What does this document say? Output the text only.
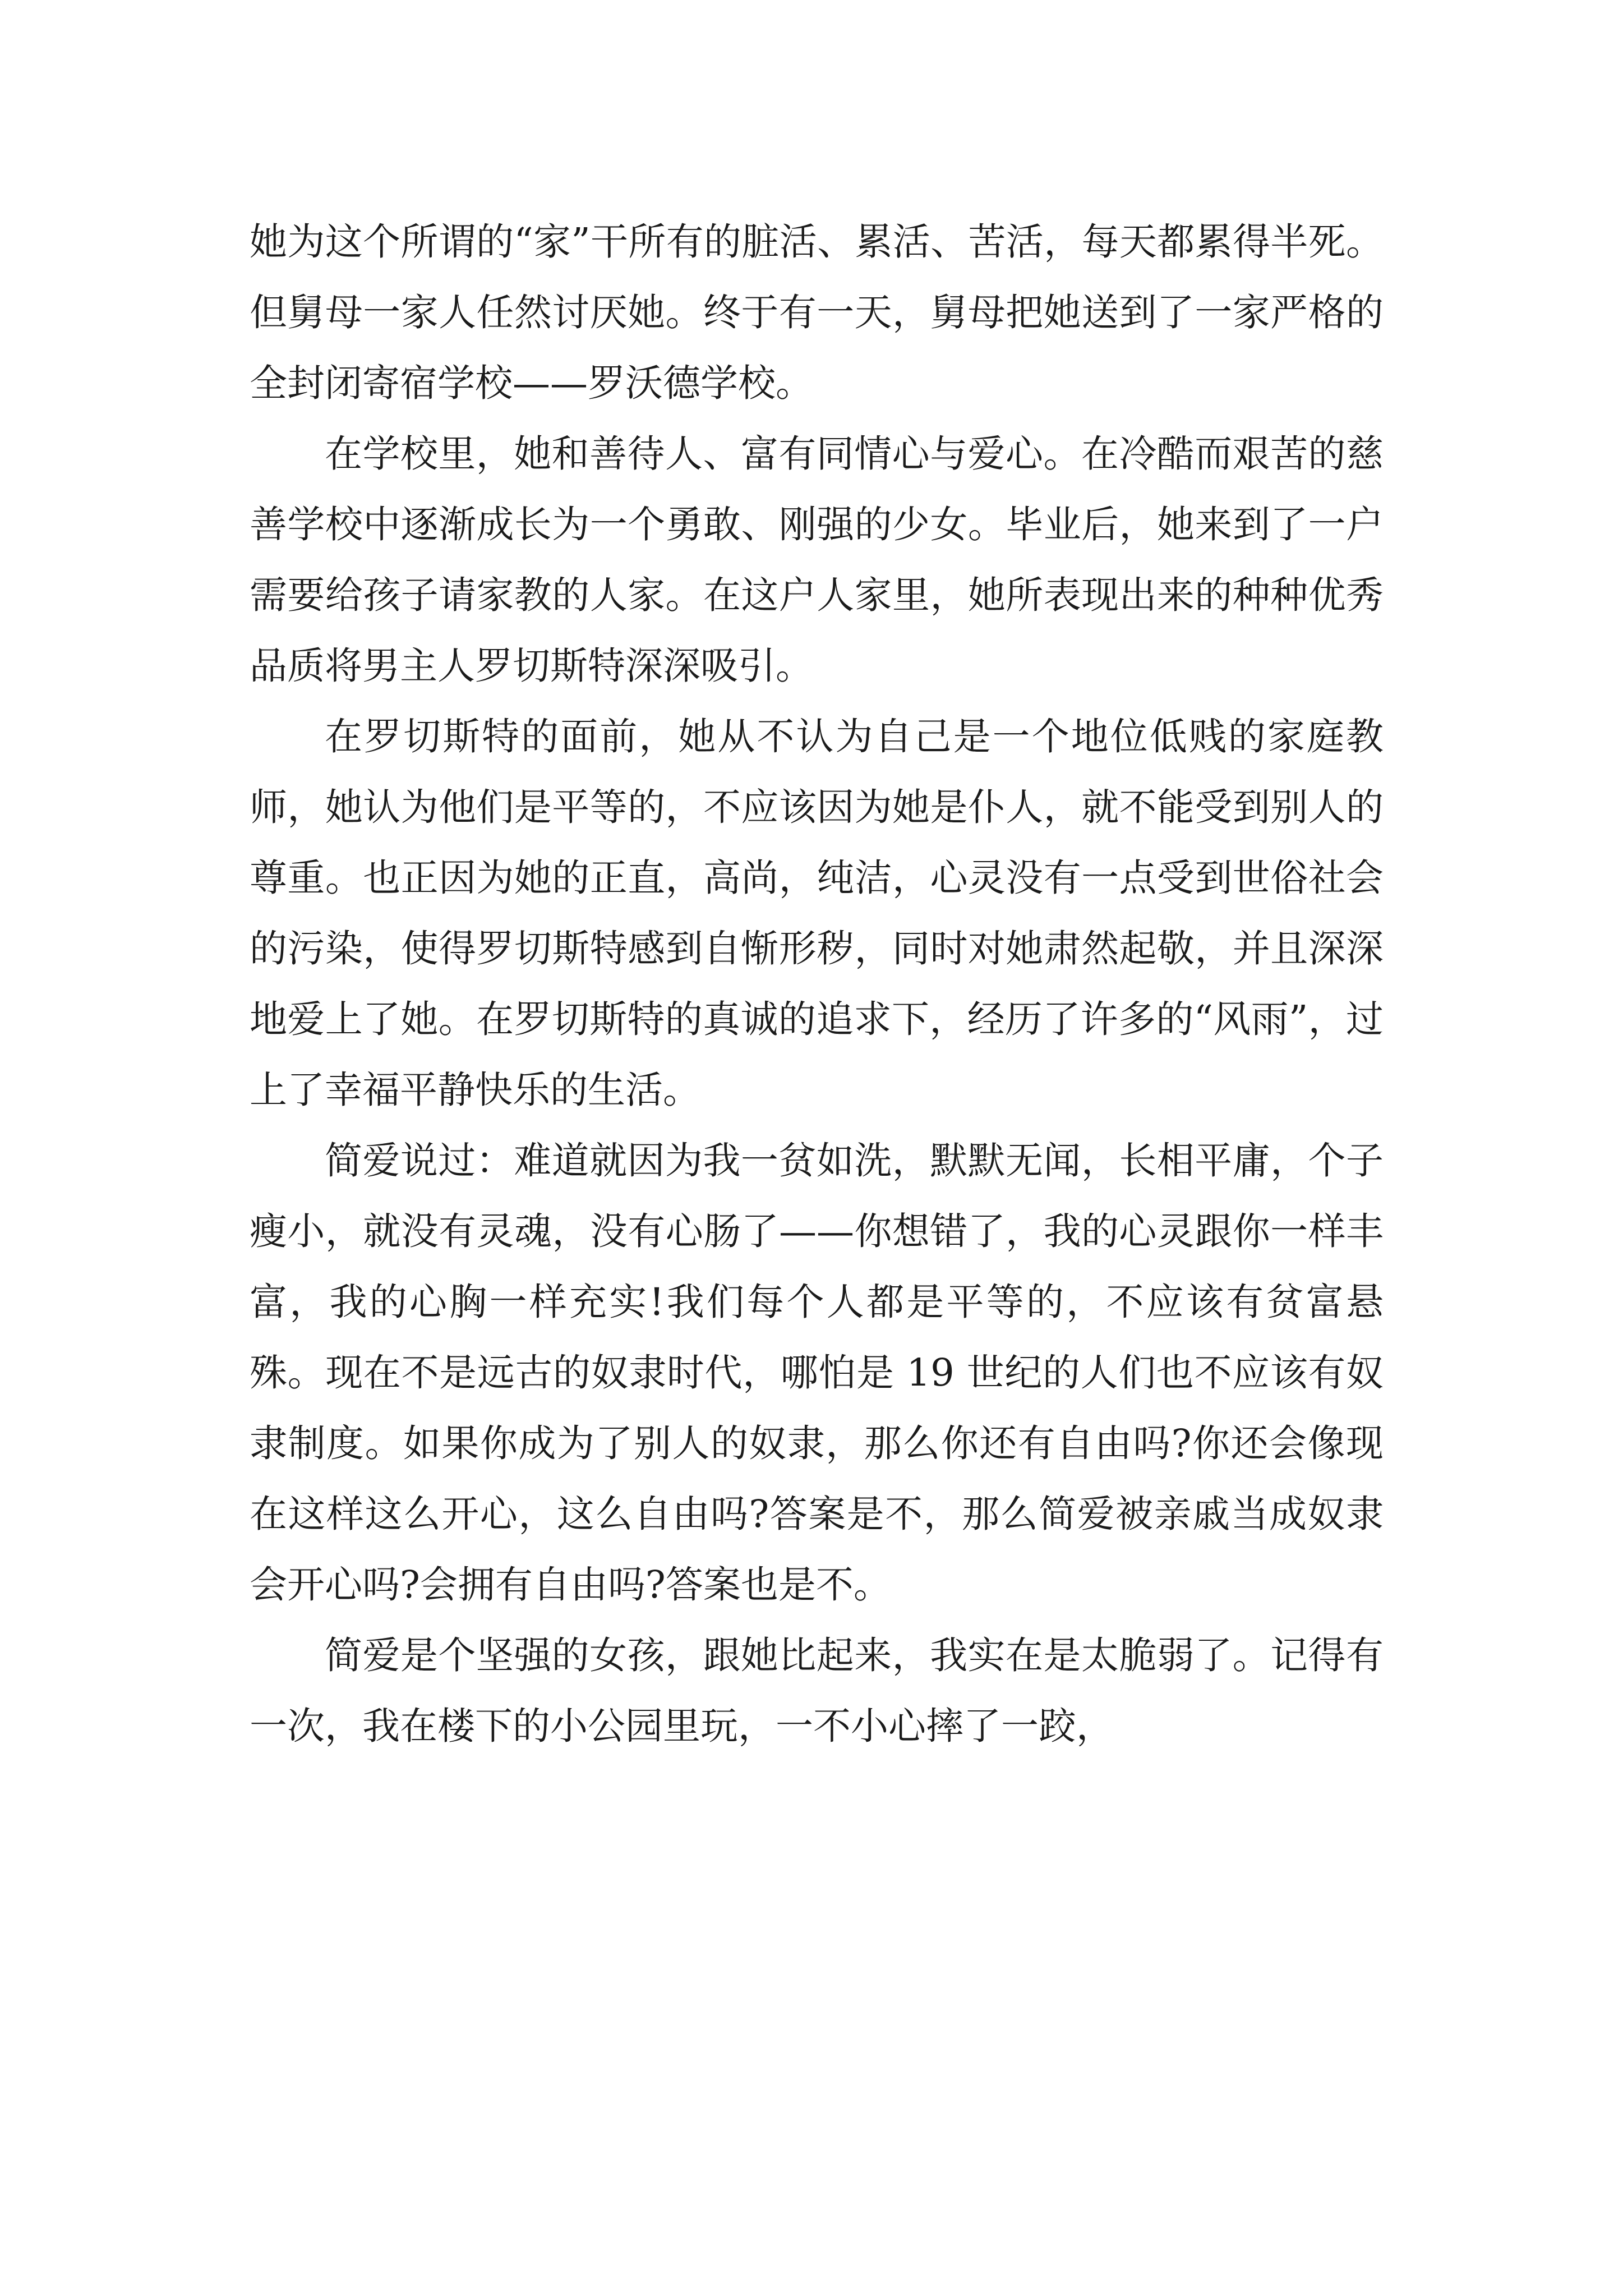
她为这个所谓的“家”干所有的脏活、累活、苦活，每天都累得半死。但舅母一家人任然讨厌她。终于有一天，舅母把她送到了一家严格的全封闭寄宿学校——罗沃德学校。

在学校里，她和善待人、富有同情心与爱心。在冷酷而艰苦的慈善学校中逐渐成长为一个勇敢、刚强的少女。毕业后，她来到了一户需要给孩子请家教的人家。在这户人家里，她所表现出来的种种优秀品质将男主人罗切斯特深深吸引。

在罗切斯特的面前，她从不认为自己是一个地位低贱的家庭教师，她认为他们是平等的，不应该因为她是仆人，就不能受到别人的尊重。也正因为她的正直，高尚，纯洁，心灵没有一点受到世俗社会的污染，使得罗切斯特感到自惭形秽，同时对她肃然起敬，并且深深地爱上了她。在罗切斯特的真诚的追求下，经历了许多的“风雨”，过上了幸福平静快乐的生活。

简爱说过：难道就因为我一贫如洗，默默无闻，长相平庸，个子瘦小，就没有灵魂，没有心肠了——你想错了，我的心灵跟你一样丰富，我的心胸一样充实!我们每个人都是平等的，不应该有贫富悬殊。现在不是远古的奴隶时代，哪怕是 19 世纪的人们也不应该有奴隶制度。如果你成为了别人的奴隶，那么你还有自由吗?你还会像现在这样这么开心，这么自由吗?答案是不，那么简爱被亲戚当成奴隶会开心吗?会拥有自由吗?答案也是不。

简爱是个坚强的女孩，跟她比起来，我实在是太脆弱了。记得有一次，我在楼下的小公园里玩，一不小心摔了一跤，
